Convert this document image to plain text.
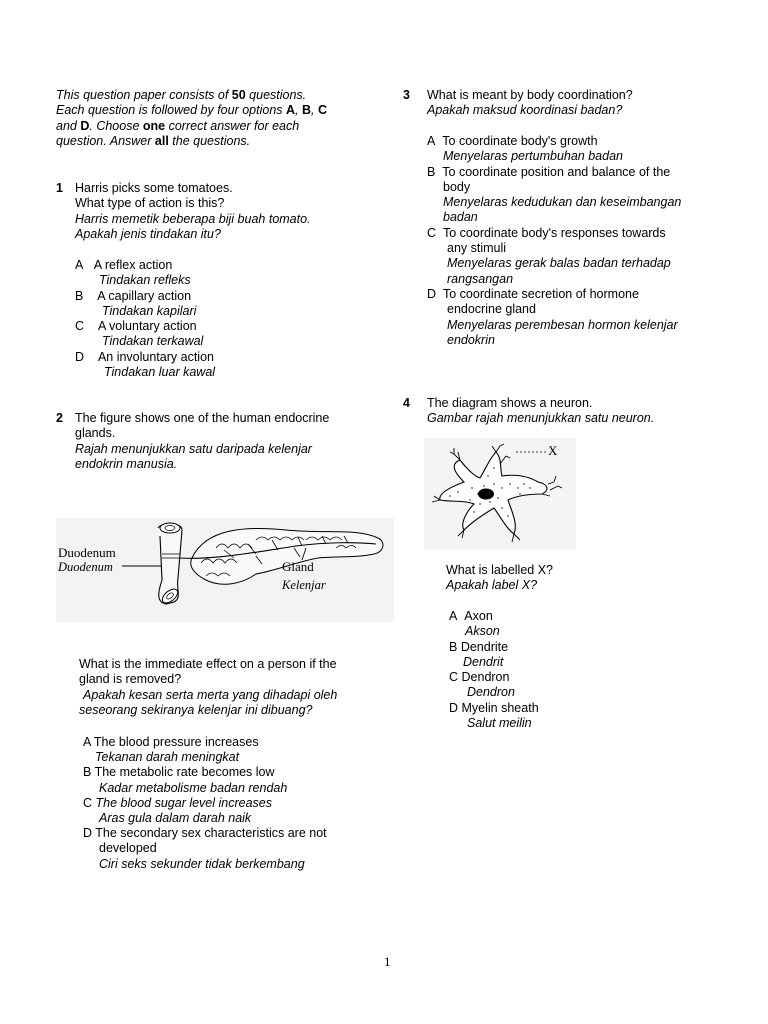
This question paper consists of 50 questions.
Each question is followed by four options A, B, C
and D. Choose one correct answer for each
question. Answer all the questions.
1 Harris picks some tomatoes.
What type of action is this?
Harris memetik beberapa biji buah tomato.
Apakah jenis tindakan itu?
A A reflex action
Tindakan refleks
B A capillary action
Tindakan kapilari
C A voluntary action
Tindakan terkawal
D An involuntary action
Tindakan luar kawal
2 The figure shows one of the human endocrine
glands.
Rajah menunjukkan satu daripada kelenjar
endokrin manusia.
Duodenum
Duodenum	Gland
Kelenjar
What is the immediate effect on a person if the
gland is removed?
Apakah kesan serta merta yang dihadapi oleh
seseorang sekiranya kelenjar ini dibuang?
A The blood pressure increases
Tekanan darah meningkat
B The metabolic rate becomes low
Kadar metabolisme badan rendah
C The blood sugar level increases
Aras gula dalam darah naik
D The secondary sex characteristics are not
developed
Ciri seks sekunder tidak berkembang
3 What is meant by body coordination?
Apakah maksud koordinasi badan?
A To coordinate body's growth
Menyelaras pertumbuhan badan
B To coordinate position and balance of the
body
Menyelaras kedudukan dan keseimbangan
badan
C To coordinate body's responses towards
any stimuli
Menyelaras gerak balas badan terhadap
rangsangan
D To coordinate secretion of hormone
endocrine gland
Menyelaras perembesan hormon kelenjar
endokrin
4 The diagram shows a neuron.
Gambar rajah menunjukkan satu neuron.
X
What is labelled X?
Apakah label X?
A Axon
Akson
B Dendrite
Dendrit
C Dendron
Dendron
D Myelin sheath
Salut meilin
1
